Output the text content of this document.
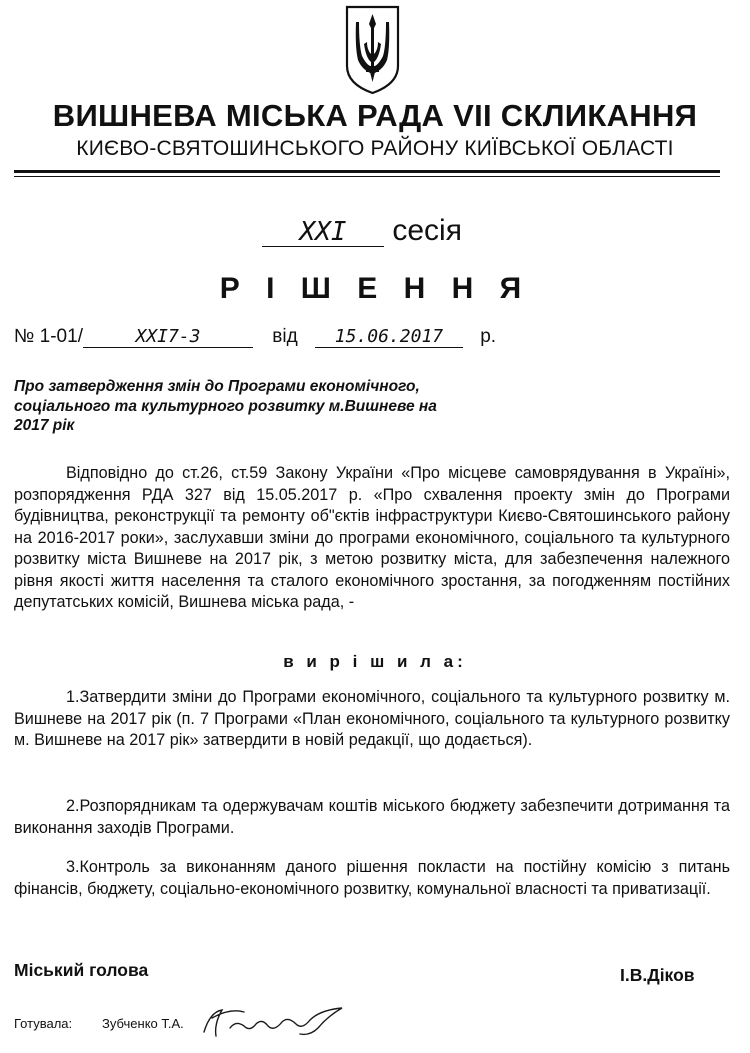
ВИШНЕВА МІСЬКА РАДА VII СКЛИКАННЯ
КИЄВО-СВЯТОШИНСЬКОГО РАЙОНУ КИЇВСЬКОЇ ОБЛАСТІ
XXI сесія
Р І Ш Е Н Н Я
№ 1-01/	XXI7-3	від 15.06.2017 р.
Про затвердження змін до Програми економічного, соціального та культурного розвитку м.Вишневе на 2017 рік

Відповідно до ст.26, ст.59 Закону України «Про місцеве самоврядування в Україні», розпорядження РДА 327 від 15.05.2017 р. «Про схвалення проекту змін до Програми будівництва, реконструкції та ремонту об"єктів інфраструктури Києво-Святошинського району на 2016-2017 роки», заслухавши зміни до програми економічного, соціального та культурного розвитку міста Вишневе на 2017 рік, з метою розвитку міста, для забезпечення належного рівня якості життя населення та сталого економічного зростання, за погодженням постійних депутатських комісій, Вишнева міська рада, -

в и р і ш и л а:

1.Затвердити зміни до Програми економічного, соціального та культурного розвитку м. Вишневе на 2017 рік (п. 7 Програми «План економічного, соціального та культурного розвитку м. Вишневе на 2017 рік» затвердити в новій редакції, що додається).

2.Розпорядникам та одержувачам коштів міського бюджету забезпечити дотримання та виконання заходів Програми.

3.Контроль за виконанням даного рішення покласти на постійну комісію з питань фінансів, бюджету, соціально-економічного розвитку, комунальної власності та приватизації.

Міський голова	І.В.Діков
Готувала: Зубченко Т.А.
